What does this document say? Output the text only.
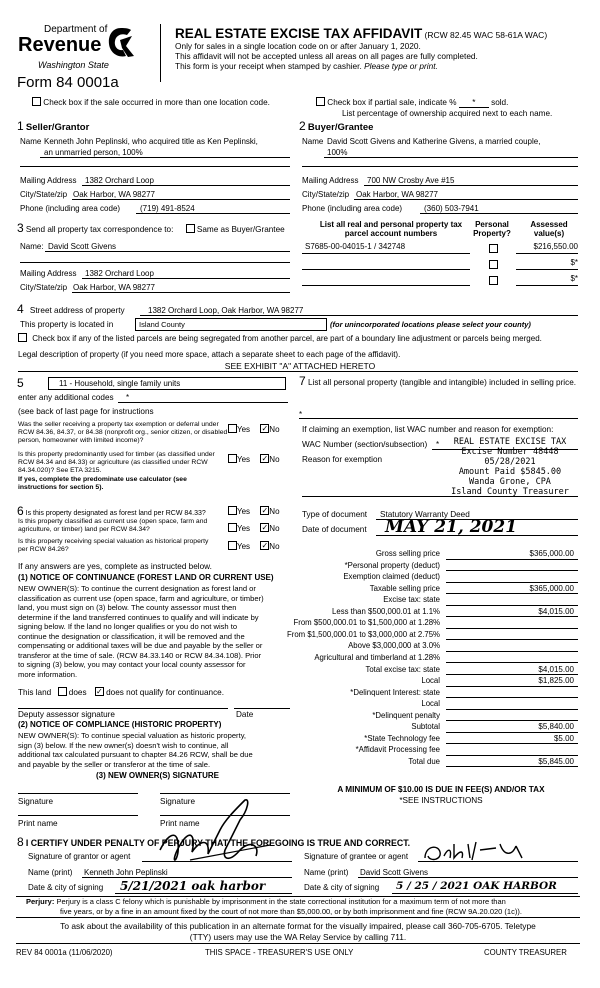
Department of
Revenue
Washington State
Form 84 0001a
REAL ESTATE EXCISE TAX AFFIDAVIT (RCW 82.45 WAC 58-61A WAC)
Only for sales in a single location code on or after January 1, 2020.
This affidavit will not be accepted unless all areas on all pages are fully completed.
This form is your receipt when stamped by cashier. Please type or print.
Check box if the sale occurred in more than one location code.	Check box if partial sale, indicate % * sold.
List percentage of ownership acquired next to each name.
1 Seller/Grantor
Name Kenneth John Peplinski, who acquired title as Ken Peplinski,
an unmarried person, 100%
Mailing Address 1382 Orchard Loop
City/State/zip Oak Harbor, WA 98277
Phone (including area code) (719) 491-8524
2 Buyer/Grantee
Name David Scott Givens and Katherine Givens, a married couple,
100%
Mailing Address 700 NW Crosby Ave #15
City/State/zip Oak Harbor, WA 98277
Phone (including area code)	(360) 503-7941
3 Send all property tax correspondence to:	Same as Buyer/Grantee
Name: David Scott Givens
Mailing Address 1382 Orchard Loop
City/State/zip Oak Harbor, WA 98277
List all real and personal property tax
parcel account numbers
Personal
Property?
Assessed
value(s)
S7685-00-04015-1 / 342748	$216,550.00
$*
$*
4 Street address of property	1382 Orchard Loop, Oak Harbor, WA 98277
This property is located in	Island County	(for unincorporated locations please select your county)
Check box if any of the listed parcels are being segregated from another parcel, are part of a boundary line adjustment or parcels being merged.
Legal description of property (if you need more space, attach a separate sheet to each page of the affidavit).
SEE EXHIBIT "A" ATTACHED HERETO
5	11 - Household, single family units
enter any additional codes *
(see back of last page for instructions
Was the seller receiving a property tax exemption or deferral under RCW 84.36, 84.37, or 84.38 (nonprofit org., senior citizen, or disabled person, homeowner with limited income)?
Yes ✓No
Is this property predominantly used for timber (as classified under RCW 84.34 and 84.33) or agriculture (as classified under RCW 84.34.020)? See ETA 3215.
Yes ✓No
If yes, complete the predominate use calculator (see instructions for section 5).
7 List all personal property (tangible and intangible) included in selling price.
*
If claiming an exemption, list WAC number and reason for exemption:
WAC Number (section/subsection) *
Reason for exemption
REAL ESTATE EXCISE TAX
Excise Number 48448
05/28/2021
Amount Paid $5845.00
Wanda Grone, CPA
Island County Treasurer
6 Is this property designated as forest land per RCW 84.33?	Yes ✓No
Is this property classified as current use (open space, farm and agriculture, or timber) land per RCW 84.34?	Yes ✓No
Is this property receiving special valuation as historical property per RCW 84.26?	Yes ✓No
If any answers are yes, complete as instructed below.
(1) NOTICE OF CONTINUANCE (FOREST LAND OR CURRENT USE)
NEW OWNER(S): To continue the current designation as forest land or
classification as current use (open space, farm and agriculture, or timber)
land, you must sign on (3) below. The county assessor must then
determine if the land transferred continues to qualify and will indicate by
signing below. If the land no longer qualifies or you do not wish to
continue the designation or classification, it will be removed and the
compensating or additional taxes will be due and payable by the seller or
transferor at the time of sale. (RCW 84.33.140 or RCW 84.34.108). Prior
to signing (3) below, you may contact your local county assessor for
more information.
This land does ✓ does not qualify for continuance.
Deputy assessor signature	Date
(2) NOTICE OF COMPLIANCE (HISTORIC PROPERTY)
NEW OWNER(S): To continue special valuation as historic property,
sign (3) below. If the new owner(s) doesn't wish to continue, all
additional tax calculated pursuant to chapter 84.26 RCW, shall be due
and payable by the seller or transferor at the time of sale.
(3) NEW OWNER(S) SIGNATURE
Signature	Signature
Print name	Print name
Type of document Statutory Warranty Deed
Date of document MAY 21, 2021
Gross selling price	$365,000.00
*Personal property (deduct)
Exemption claimed (deduct)
Taxable selling price	$365,000.00
Excise tax: state
Less than $500,000.01 at 1.1%	$4,015.00
From $500,000.01 to $1,500,000 at 1.28%
From $1,500,000.01 to $3,000,000 at 2.75%
Above $3,000,000 at 3.0%
Agricultural and timberland at 1.28%
Total excise tax: state	$4,015.00
Local	$1,825.00
*Delinquent Interest: state
Local
*Delinquent penalty
Subtotal	$5,840.00
*State Technology fee	$5.00
*Affidavit Processing fee
Total due	$5,845.00
A MINIMUM OF $10.00 IS DUE IN FEE(S) AND/OR TAX
*SEE INSTRUCTIONS
8 I CERTIFY UNDER PENALTY OF PERJURY THAT THE FOREGOING IS TRUE AND CORRECT.
Signature of grantor or agent	Signature of grantee or agent
Name (print) Kenneth John Peplinski	Name (print) David Scott Givens
Date & city of signing 5/21/2021 oak harbor	Date & city of signing 5 / 25 / 2021 OAK HARBOR
Perjury: Perjury is a class C felony which is punishable by imprisonment in the state correctional institution for a maximum term of not more than
five years, or by a fine in an amount fixed by the court of not more than $5,000.00, or by both imprisonment and fine (RCW 9A.20.020 (1c)).
To ask about the availability of this publication in an alternate format for the visually impaired, please call 360-705-6705. Teletype
(TTY) users may use the WA Relay Service by calling 711.
REV 84 0001a (11/06/2020)	THIS SPACE - TREASURER'S USE ONLY	COUNTY TREASURER
